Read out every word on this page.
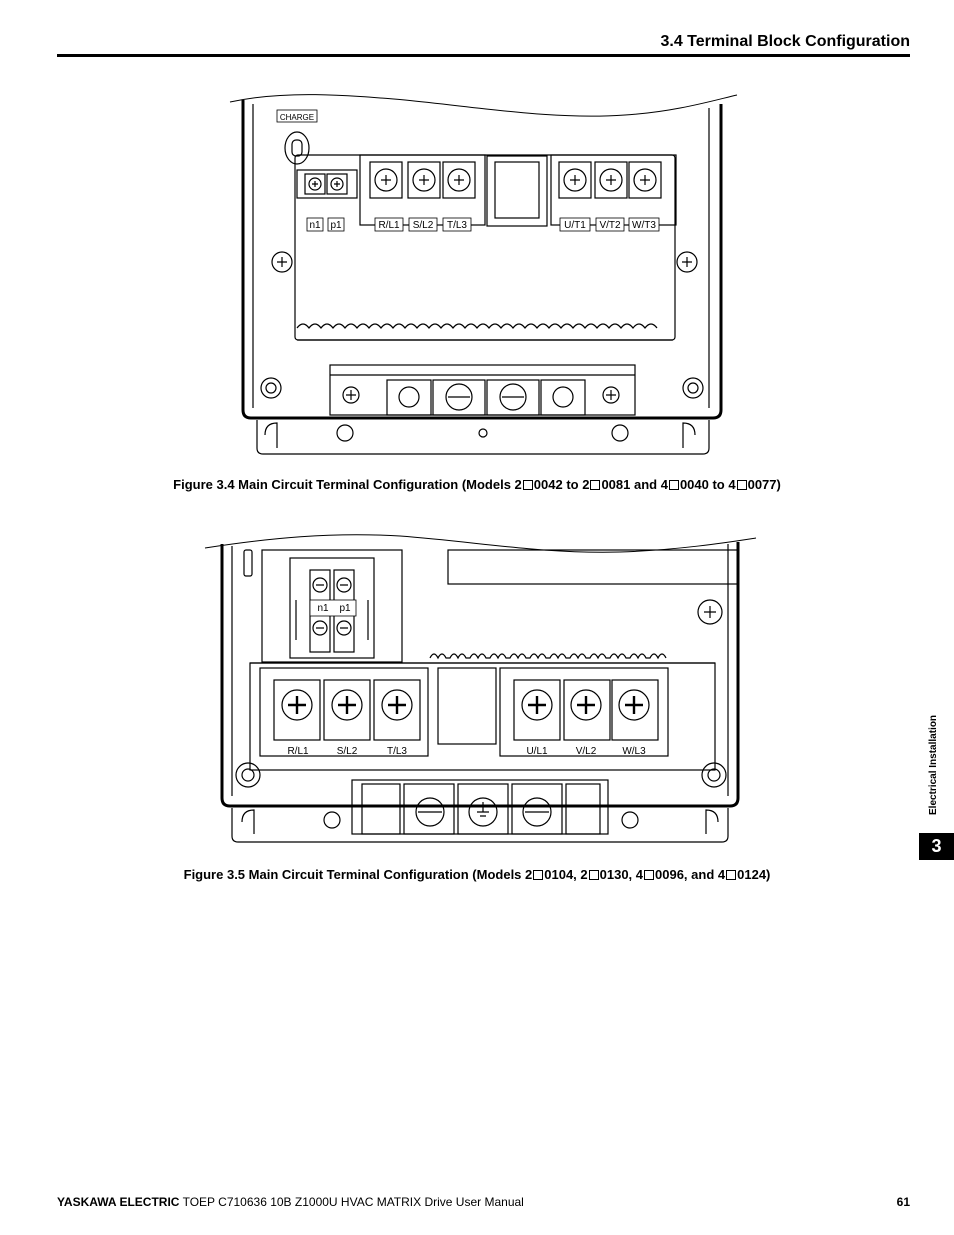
3.4 Terminal Block Configuration
CHARGE
n1 p1	R/L1 S/L2 T/L3	U/T1 V/T2 W/T3
Figure 3.4 Main Circuit Terminal Configuration (Models 2 0042 to 2 0081 and 4 0040 to 4 0077)
n1 p1
R/L1	S/L2	T/L3	U/L1	V/L2	W/L3
Figure 3.5 Main Circuit Terminal Configuration (Models 2 0104, 2 0130, 4 0096, and 4 0124)
Electrical Installation
3
YASKAWA ELECTRIC TOEP C710636 10B Z1000U HVAC MATRIX Drive User Manual	61
